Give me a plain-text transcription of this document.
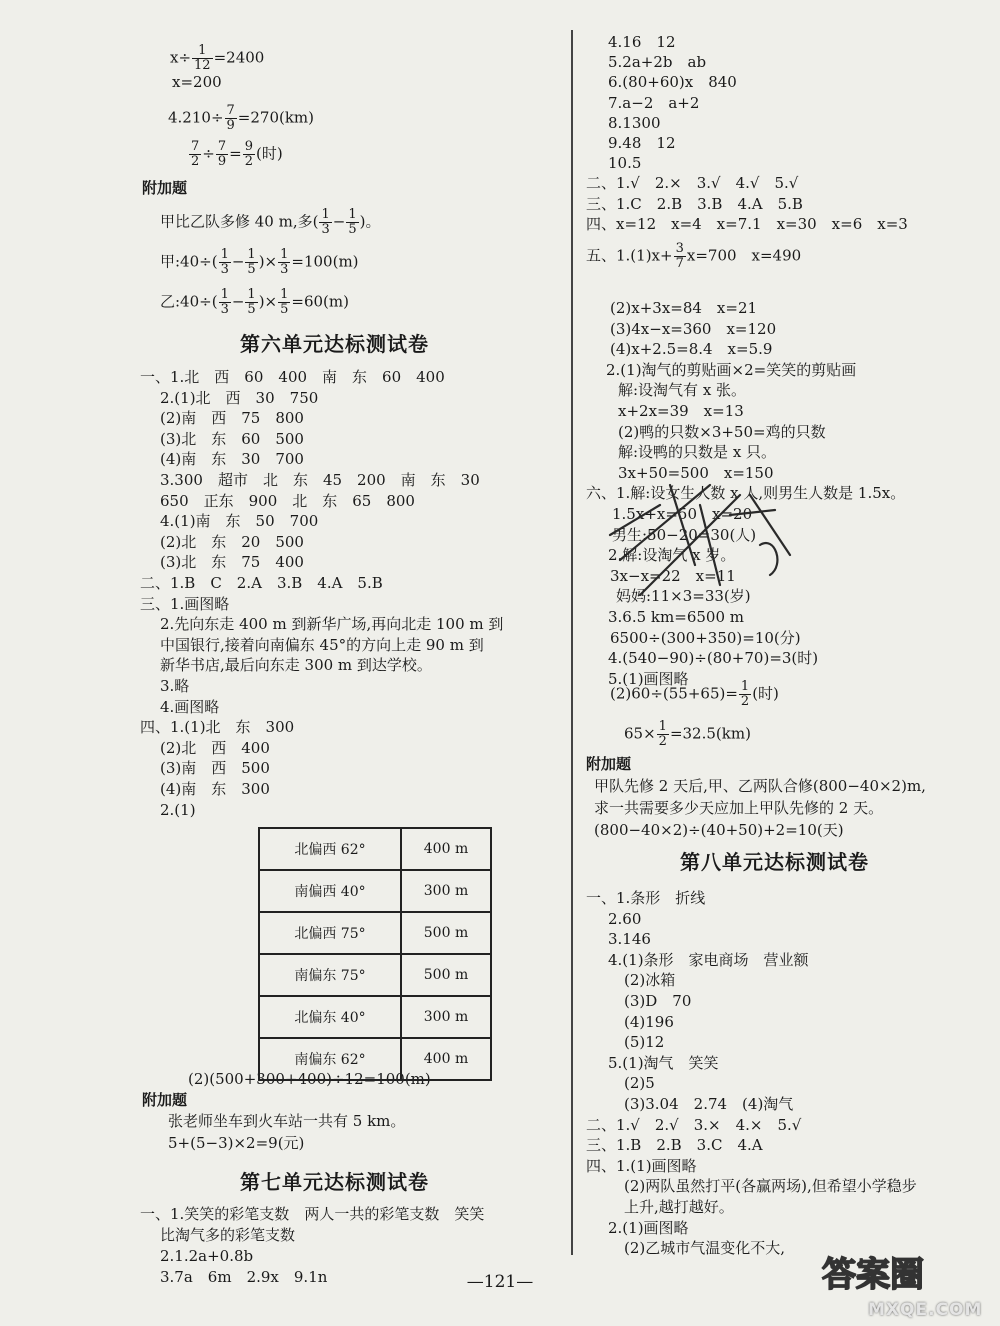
$x\div \frac{1}{12} =2400$
x=200
$4.210\div \frac{7}{9} =270(km)$
$\frac{7}{2} \div \frac{7}{9} = \frac{9}{2}$ (时)
附加题
甲比乙队多修 40 m,多( $\frac{1}{3} - \frac{1}{5}$ )。
甲:40÷( $\frac{1}{3} - \frac{1}{5}$ )× $\frac{1}{3} =100(m)$
乙:40÷( $\frac{1}{3} - \frac{1}{5}$ )× $\frac{1}{5} =60(m)$
第六单元达标测试卷
一、1.北　西　60　400　南　东　60　400
2.(1)北　西　30　750
(2)南　西　75　800
(3)北　东　60　500
(4)南　东　30　700
3.300　超市　北　东　45　200　南　东　30
650　正东　900　北　东　65　800
4.(1)南　东　50　700
(2)北　东　20　500
(3)北　东　75　400
二、1.B　C　2.A　3.B　4.A　5.B
三、1.画图略
2.先向东走 400 m 到新华广场,再向北走 100 m 到
中国银行,接着向南偏东 45°的方向上走 90 m 到
新华书店,最后向东走 300 m 到达学校。
3.略
4.画图略
四、1.(1)北　东　300
(2)北　西　400
(3)南　西　500
(4)南　东　300
2.(1)
(2)(500+300+400)÷12=100(m)
附加题
张老师坐车到火车站一共有 5 km。
5+(5−3)×2=9(元)
第七单元达标测试卷
一、1.笑笑的彩笔支数　两人一共的彩笔支数　笑笑
比淘气多的彩笔支数
2.1.2a+0.8b
3.7a　6m　2.9x　9.1n
北偏西 62°	400 m
南偏西 40°	300 m
北偏西 75°	500 m
南偏东 75°	500 m
北偏东 40°	300 m
南偏东 62°	400 m
4.16　12
5.2a+2b　ab
6.(80+60)x　840
7.a−2　a+2
8.1300
9.48　12
10.5
二、1.√　2.×　3.√　4.√　5.√
三、1.C　2.B　3.B　4.A　5.B
四、x=12　x=4　x=7.1　x=30　x=6　x=3
五、$1.(1)x+ \frac{3}{7} x=700$　x=490
(2)x+3x=84　x=21
(3)4x−x=360　x=120
(4)x+2.5=8.4　x=5.9
2.(1)淘气的剪贴画×2=笑笑的剪贴画
解:设淘气有 x 张。
x+2x=39　x=13
(2)鸭的只数×3+50=鸡的只数
解:设鸭的只数是 x 只。
3x+50=500　x=150
六、1.解:设女生人数 x 人,则男生人数是 1.5x。
1.5x+x=50　x=20
男生:50−20=30(人)
2.解:设淘气 x 岁。
3x−x=22　x=11
妈妈:11×3=33(岁)
3.6.5 km=6500 m
6500÷(300+350)=10(分)
4.(540−90)÷(80+70)=3(时)
5.(1)画图略
$(2)60\div(55+65)= \frac{1}{2}$ (时)
$65\times \frac{1}{2} =32.5(km)$
附加题
甲队先修 2 天后,甲、乙两队合修(800−40×2)m,
求一共需要多少天应加上甲队先修的 2 天。
(800−40×2)÷(40+50)+2=10(天)
第八单元达标测试卷
一、1.条形　折线
2.60
3.146
4.(1)条形　家电商场　营业额
(2)冰箱
(3)D　70
(4)196
(5)12
5.(1)淘气　笑笑
(2)5
(3)3.04　2.74　(4)淘气
二、1.√　2.√　3.×　4.×　5.√
三、1.B　2.B　3.C　4.A
四、1.(1)画图略
(2)两队虽然打平(各赢两场),但希望小学稳步
上升,越打越好。
2.(1)画图略
(2)乙城市气温变化不大,
答案圈
MXQE.COM
—121—
